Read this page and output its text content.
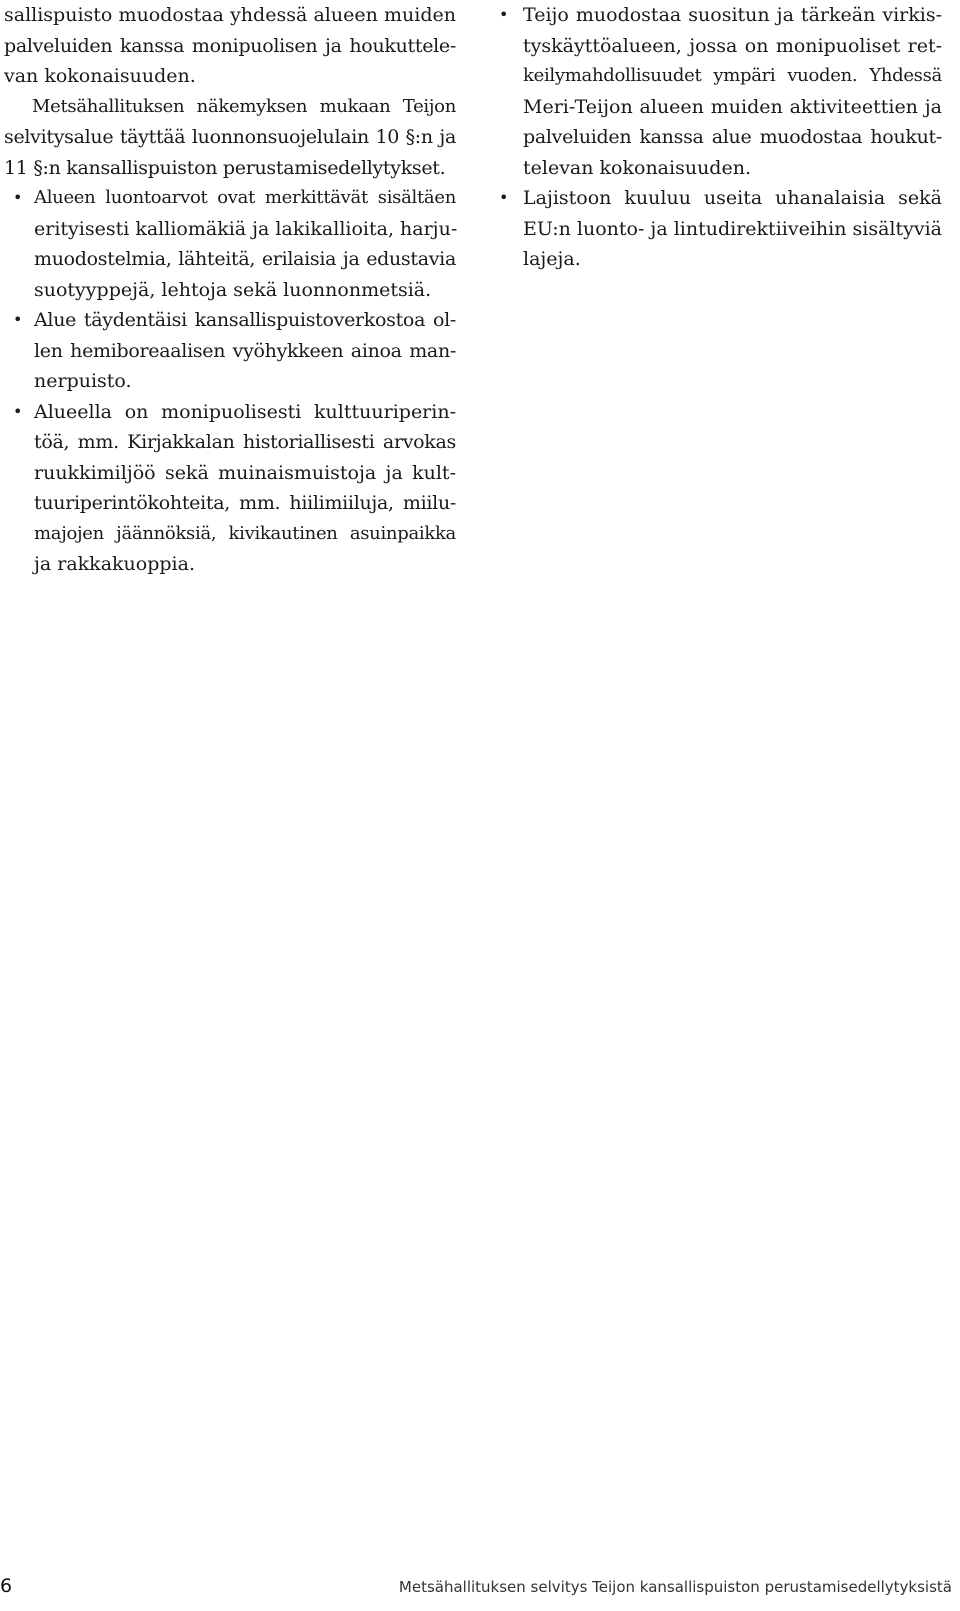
sallispuisto muodostaa yhdessä alueen muiden
palveluiden kanssa monipuolisen ja houkuttele-
van kokonaisuuden.
Metsähallituksen näkemyksen mukaan Teijon
selvitysalue täyttää luonnonsuojelulain 10 §:n ja
11 §:n kansallispuiston perustamisedellytykset.
• Alueen luontoarvot ovat merkittävät sisältäen
erityisesti kalliomäkiä ja lakikallioita, harju-
muodostelmia, lähteitä, erilaisia ja edustavia
suotyyppejä, lehtoja sekä luonnonmetsiä.
• Alue täydentäisi kansallispuistoverkostoa ol-
len hemiboreaalisen vyöhykkeen ainoa man-
nerpuisto.
• Alueella on monipuolisesti kulttuuriperin-
töä, mm. Kirjakkalan historiallisesti arvokas
ruukkimiljöö sekä muinaismuistoja ja kult-
tuuriperintökohteita, mm. hiilimiiluja, miilu-
majojen jäännöksiä, kivikautinen asuinpaikka
ja rakkakuoppia.
• Teijo muodostaa suositun ja tärkeän virkis-
tyskäyttöalueen, jossa on monipuoliset ret-
keilymahdollisuudet ympäri vuoden. Yhdessä
Meri-Teijon alueen muiden aktiviteettien ja
palveluiden kanssa alue muodostaa houkut-
televan kokonaisuuden.
• Lajistoon kuuluu useita uhanalaisia sekä
EU:n luonto- ja lintudirektiiveihin sisältyviä
lajeja.
6	Metsähallituksen selvitys Teijon kansallispuiston perustamisedellytyksistä
